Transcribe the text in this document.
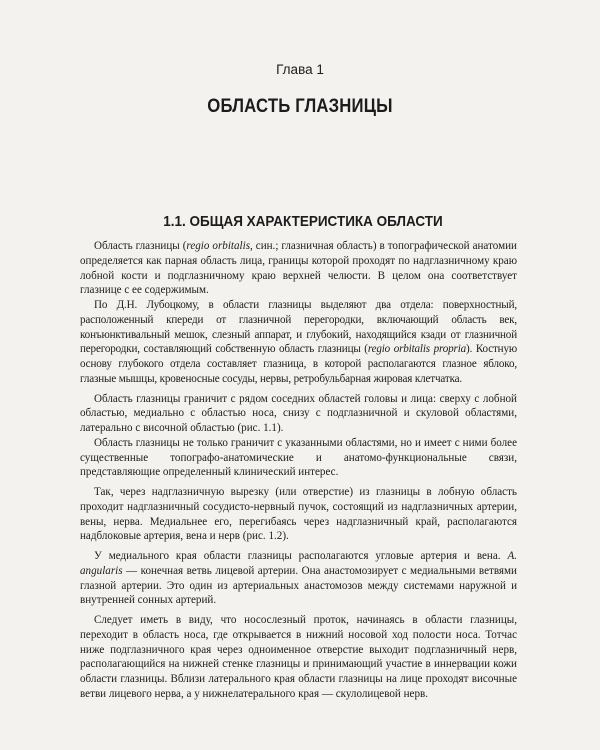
Глава 1
ОБЛАСТЬ ГЛАЗНИЦЫ
1.1. ОБЩАЯ ХАРАКТЕРИСТИКА ОБЛАСТИ

Область глазницы (regio orbitalis, син.; глазничная область) в топографической анатомии определяется как парная область лица, границы которой проходят по надглазничному краю лобной кости и подглазничному краю верхней челюсти. В целом она соответствует глазнице с ее содержимым.

По Д.Н. Лубоцкому, в области глазницы выделяют два отдела: поверхностный, расположенный кпереди от глазничной перегородки, включающий область век, конъюнктивальный мешок, слезный аппарат, и глубокий, находящийся кзади от глазничной перегородки, составляющий собственную область глазницы (regio orbitalis propria). Костную основу глубокого отдела составляет глазница, в которой располагаются глазное яблоко, глазные мышцы, кровеносные сосуды, нервы, ретробульбарная жировая клетчатка.

Область глазницы граничит с рядом соседних областей головы и лица: сверху с лобной областью, медиально с областью носа, снизу с подглазничной и скуловой областями, латерально с височной областью (рис. 1.1).

Область глазницы не только граничит с указанными областями, но и имеет с ними более существенные топографо-анатомические и анатомо-функциональные связи, представляющие определенный клинический интерес.

Так, через надглазничную вырезку (или отверстие) из глазницы в лобную область проходит надглазничный сосудисто-нервный пучок, состоящий из надглазничных артерии, вены, нерва. Медиальнее его, перегибаясь через надглазничный край, располагаются надблоковые артерия, вена и нерв (рис. 1.2).

У медиального края области глазницы располагаются угловые артерия и вена. A. angularis — конечная ветвь лицевой артерии. Она анастомозирует с медиальными ветвями глазной артерии. Это один из артериальных анастомозов между системами наружной и внутренней сонных артерий.

Следует иметь в виду, что носослезный проток, начинаясь в области глазницы, переходит в область носа, где открывается в нижний носовой ход полости носа. Тотчас ниже подглазничного края через одноименное отверстие выходит подглазничный нерв, располагающийся на нижней стенке глазницы и принимающий участие в иннервации кожи области глазницы. Вблизи латерального края области глазницы на лице проходят височные ветви лицевого нерва, а у нижнелатерального края — скулолицевой нерв.
